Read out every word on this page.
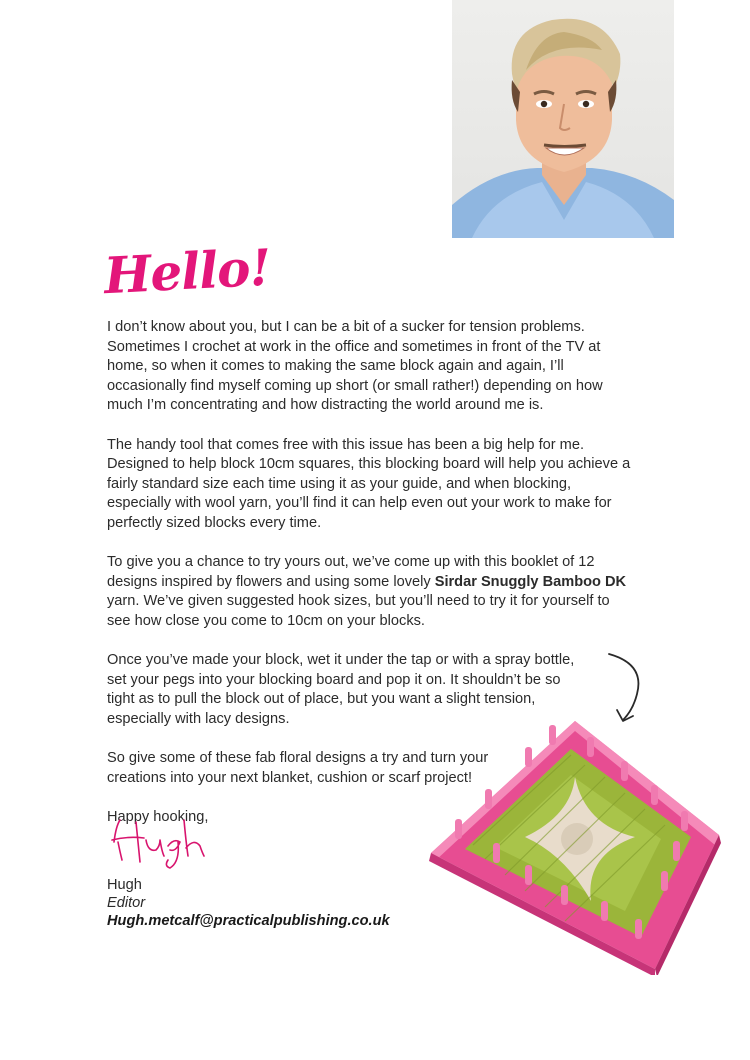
Hello!

I don’t know about you, but I can be a bit of a sucker for tension problems. Sometimes I crochet at work in the office and sometimes in front of the TV at home, so when it comes to making the same block again and again, I’ll occasionally find myself coming up short (or small rather!) depending on how much I’m concentrating and how distracting the world around me is.

The handy tool that comes free with this issue has been a big help for me. Designed to help block 10cm squares, this blocking board will help you achieve a fairly standard size each time using it as your guide, and when blocking, especially with wool yarn, you’ll find it can help even out your work to make for perfectly sized blocks every time.

To give you a chance to try yours out, we’ve come up with this booklet of 12 designs inspired by flowers and using some lovely Sirdar Snuggly Bamboo DK yarn. We’ve given suggested hook sizes, but you’ll need to try it for yourself to see how close you come to 10cm on your blocks.

Once you’ve made your block, wet it under the tap or with a spray bottle, set your pegs into your blocking board and pop it on. It shouldn’t be so tight as to pull the block out of place, but you want a slight tension, especially with lacy designs.

So give some of these fab floral designs a try and turn your creations into your next blanket, cushion or scarf project!

Happy hooking,

Hugh
Editor
Hugh.metcalf@practicalpublishing.co.uk
